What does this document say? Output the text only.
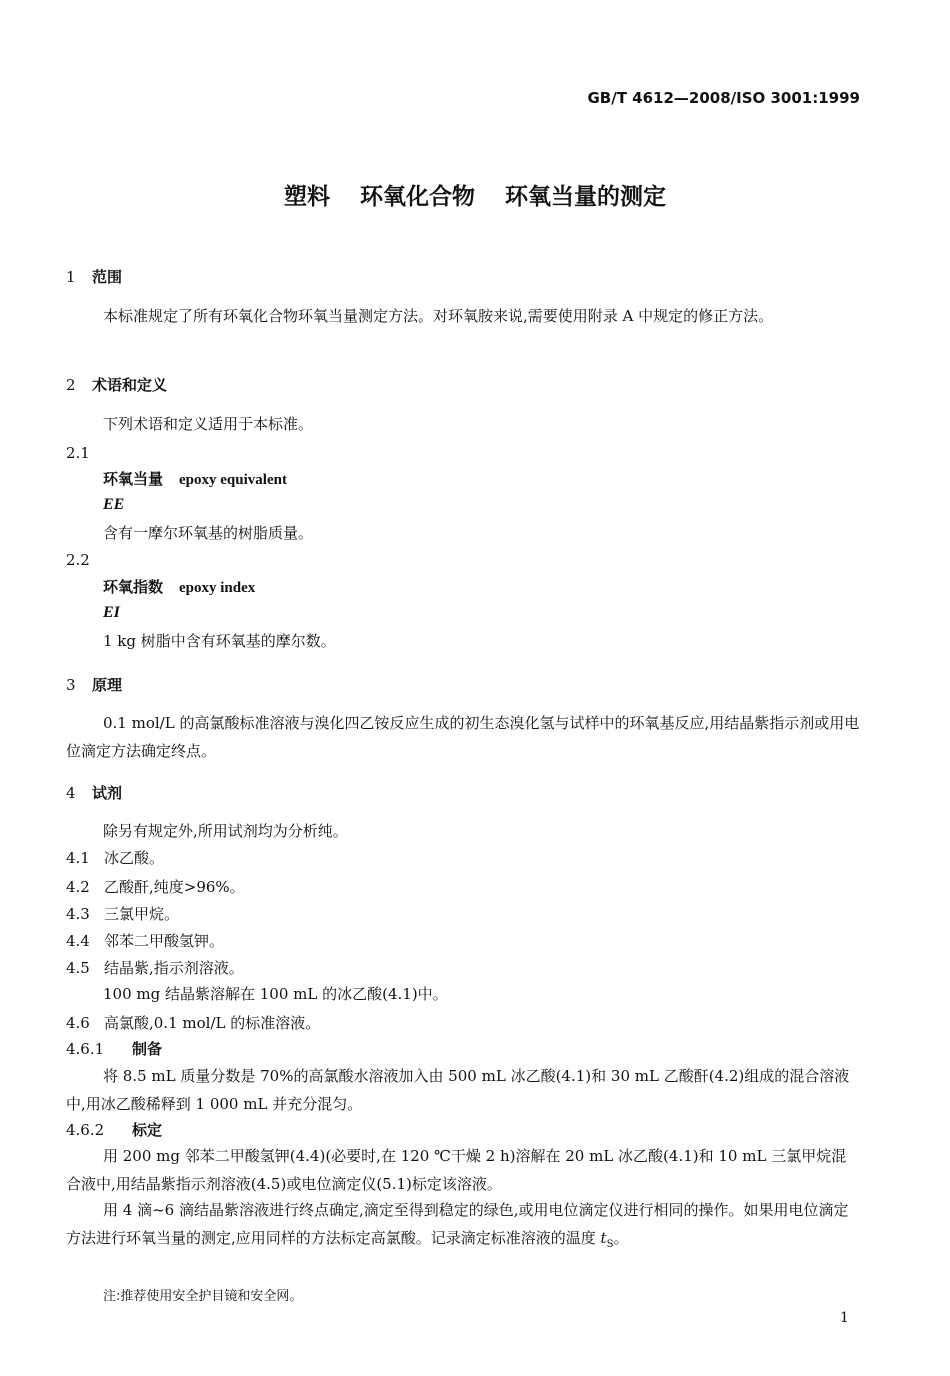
GB/T 4612—2008/ISO 3001:1999
塑料 环氧化合物 环氧当量的测定
1 范围
本标准规定了所有环氧化合物环氧当量测定方法。对环氧胺来说,需要使用附录 A 中规定的修正方法。
2 术语和定义
下列术语和定义适用于本标准。
2.1
环氧当量 epoxy equivalent
EE
含有一摩尔环氧基的树脂质量。
2.2
环氧指数 epoxy index
EI
1 kg 树脂中含有环氧基的摩尔数。
3 原理
0.1 mol/L 的高氯酸标准溶液与溴化四乙铵反应生成的初生态溴化氢与试样中的环氧基反应,用结晶紫指示剂或用电位滴定方法确定终点。
4 试剂
除另有规定外,所用试剂均为分析纯。
4.1 冰乙酸。
4.2 乙酸酐,纯度>96%。
4.3 三氯甲烷。
4.4 邻苯二甲酸氢钾。
4.5 结晶紫,指示剂溶液。
100 mg 结晶紫溶解在 100 mL 的冰乙酸(4.1)中。
4.6 高氯酸,0.1 mol/L 的标准溶液。
4.6.1 制备
将 8.5 mL 质量分数是 70%的高氯酸水溶液加入由 500 mL 冰乙酸(4.1)和 30 mL 乙酸酐(4.2)组成的混合溶液中,用冰乙酸稀释到 1 000 mL 并充分混匀。
4.6.2 标定
用 200 mg 邻苯二甲酸氢钾(4.4)(必要时,在 120 ℃干燥 2 h)溶解在 20 mL 冰乙酸(4.1)和 10 mL 三氯甲烷混合液中,用结晶紫指示剂溶液(4.5)或电位滴定仪(5.1)标定该溶液。
用 4 滴~6 滴结晶紫溶液进行终点确定,滴定至得到稳定的绿色,或用电位滴定仪进行相同的操作。如果用电位滴定方法进行环氧当量的测定,应用同样的方法标定高氯酸。记录滴定标准溶液的温度 $t_S$。
注:推荐使用安全护目镜和安全网。
1
